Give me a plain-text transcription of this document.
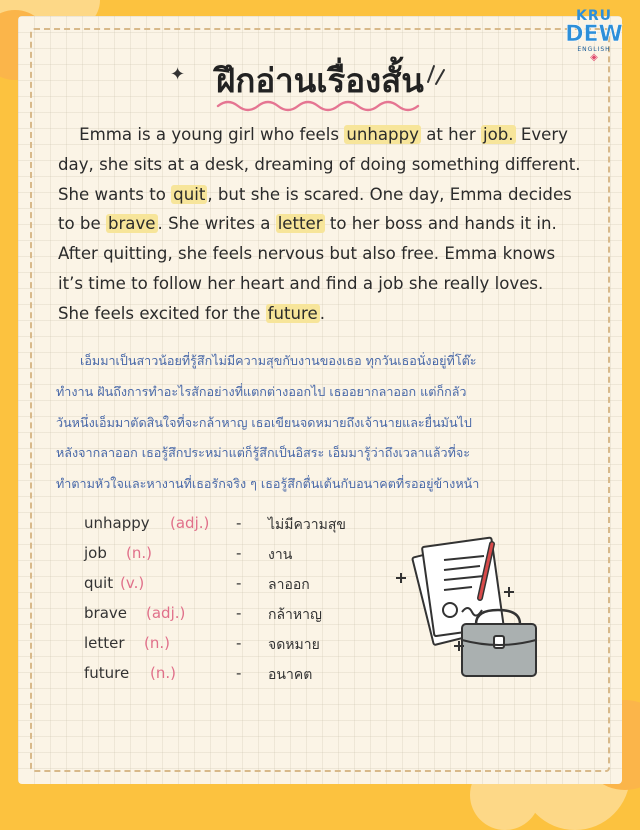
KRU
DEW
ENGLISH
◈
✦ ฝึกอ่านเรื่องสั้น
Emma is a young girl who feels unhappy at her job. Every
day, she sits at a desk, dreaming of doing something different.
She wants to quit , but she is scared. One day, Emma decides
to be brave . She writes a letter to her boss and hands it in.
After quitting, she feels nervous but also free. Emma knows
it’s time to follow her heart and find a job she really loves.
She feels excited for the future .
เอ็มมาเป็นสาวน้อยที่รู้สึกไม่มีความสุขกับงานของเธอ ทุกวันเธอนั่งอยู่ที่โต๊ะ
ทำงาน ฝันถึงการทำอะไรสักอย่างที่แตกต่างออกไป เธออยากลาออก แต่ก็กลัว
วันหนึ่งเอ็มมาตัดสินใจที่จะกล้าหาญ เธอเขียนจดหมายถึงเจ้านายและยื่นมันไป
หลังจากลาออก เธอรู้สึกประหม่าแต่ก็รู้สึกเป็นอิสระ เอ็มมารู้ว่าถึงเวลาแล้วที่จะ
ทำตามหัวใจและหางานที่เธอรักจริง ๆ เธอรู้สึกตื่นเต้นกับอนาคตที่รออยู่ข้างหน้า
unhappy (adj.) - ไม่มีความสุข
job (n.)	- งาน
quit (v.)	- ลาออก
brave (adj.)	- กล้าหาญ
letter (n.)	- จดหมาย
future (n.)	- อนาคต
